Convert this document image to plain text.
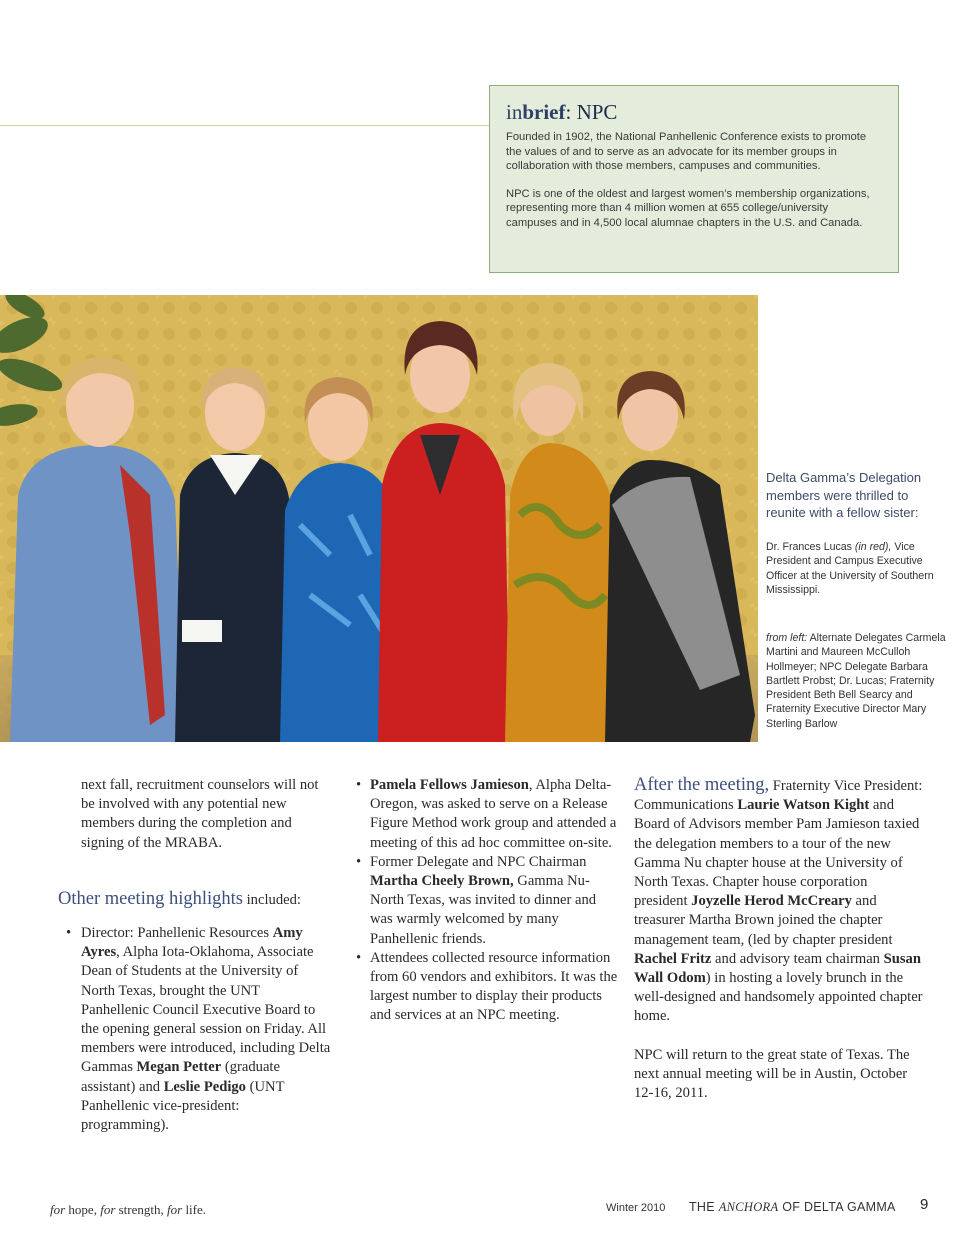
inbrief: NPC

Founded in 1902, the National Panhellenic Conference exists to promote the values of and to serve as an advocate for its member groups in collaboration with those members, campuses and communities.

NPC is one of the oldest and largest women’s membership organizations, representing more than 4 million women at 655 college/university campuses and in 4,500 local alumnae chapters in the U.S. and Canada.

Delta Gamma’s Delegation members were thrilled to reunite with a fellow sister:
Dr. Frances Lucas (in red), Vice President and Campus Executive Officer at the University of Southern Mississippi.
from left: Alternate Delegates Carmela Martini and Maureen McCulloh Hollmeyer; NPC Delegate Barbara Bartlett Probst; Dr. Lucas; Fraternity President Beth Bell Searcy and Fraternity Executive Director Mary Sterling Barlow

next fall, recruitment counselors will not be involved with any potential new members during the completion and signing of the MRABA.

Other meeting highlights included:

• Director: Panhellenic Resources Amy Ayres, Alpha Iota-Oklahoma, Associate Dean of Students at the University of North Texas, brought the UNT Panhellenic Council Executive Board to the opening general session on Friday. All members were introduced, including Delta Gammas Megan Petter (graduate assistant) and Leslie Pedigo (UNT Panhellenic vice-president: programming).

• Pamela Fellows Jamieson, Alpha Delta-Oregon, was asked to serve on a Release Figure Method work group and attended a meeting of this ad hoc committee on-site.

• Former Delegate and NPC Chairman Martha Cheely Brown, Gamma Nu-North Texas, was invited to dinner and was warmly welcomed by many Panhellenic friends.

• Attendees collected resource information from 60 vendors and exhibitors. It was the largest number to display their products and services at an NPC meeting.

After the meeting, Fraternity Vice President: Communications Laurie Watson Kight and Board of Advisors member Pam Jamieson taxied the delegation members to a tour of the new Gamma Nu chapter house at the University of North Texas. Chapter house corporation president Joyzelle Herod McCreary and treasurer Martha Brown joined the chapter management team, (led by chapter president Rachel Fritz and advisory team chairman Susan Wall Odom) in hosting a lovely brunch in the well-designed and handsomely appointed chapter home.

NPC will return to the great state of Texas. The next annual meeting will be in Austin, October 12-16, 2011.

for hope, for strength, for life.	Winter 2010 THE ANCHORA OF DELTA GAMMA 9
